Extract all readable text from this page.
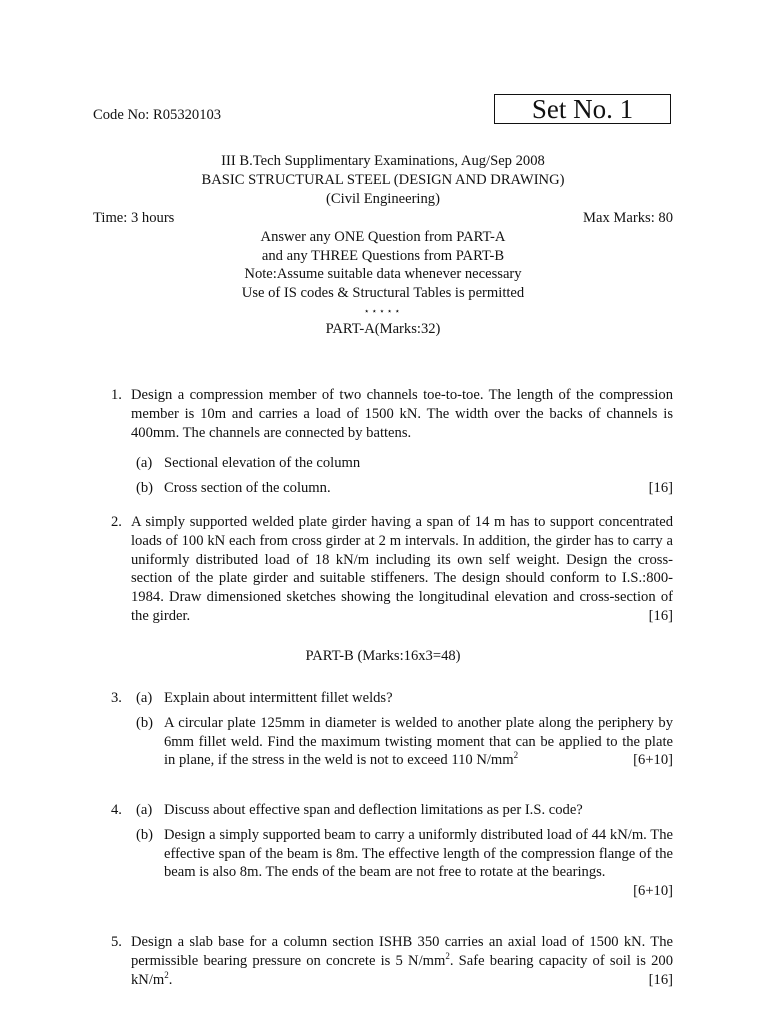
Code No: R05320103	Set No. 1
III B.Tech Supplimentary Examinations, Aug/Sep 2008
BASIC STRUCTURAL STEEL (DESIGN AND DRAWING)
(Civil Engineering)
Time: 3 hours	Max Marks: 80
Answer any ONE Question from PART-A
and any THREE Questions from PART-B
Note:Assume suitable data whenever necessary
Use of IS codes & Structural Tables is permitted
⋆⋆⋆⋆⋆
PART-A(Marks:32)
1. Design a compression member of two channels toe-to-toe. The length of the compression member is 10m and carries a load of 1500 kN. The width over the backs of channels is 400mm. The channels are connected by battens.
(a) Sectional elevation of the column
(b) Cross section of the column.	[16]
2. A simply supported welded plate girder having a span of 14 m has to support concentrated loads of 100 kN each from cross girder at 2 m intervals. In addition, the girder has to carry a uniformly distributed load of 18 kN/m including its own self weight. Design the cross-section of the plate girder and suitable stiffeners. The design should conform to I.S.:800-1984. Draw dimensioned sketches showing the longitudinal elevation and cross-section of the girder.	[16]
PART-B (Marks:16x3=48)
3. (a) Explain about intermittent fillet welds?
(b) A circular plate 125mm in diameter is welded to another plate along the periphery by 6mm fillet weld. Find the maximum twisting moment that can be applied to the plate in plane, if the stress in the weld is not to exceed 110 $N/mm^2$	[6+10]
4. (a) Discuss about effective span and deflection limitations as per I.S. code?
(b) Design a simply supported beam to carry a uniformly distributed load of 44 kN/m. The effective span of the beam is 8m. The effective length of the compression flange of the beam is also 8m. The ends of the beam are not free to rotate at the bearings.
[6+10]
5. Design a slab base for a column section ISHB 350 carries an axial load of 1500 kN. The permissible bearing pressure on concrete is 5 $N/mm^2$. Safe bearing capacity of soil is 200 $kN/m^2$.	[16]
